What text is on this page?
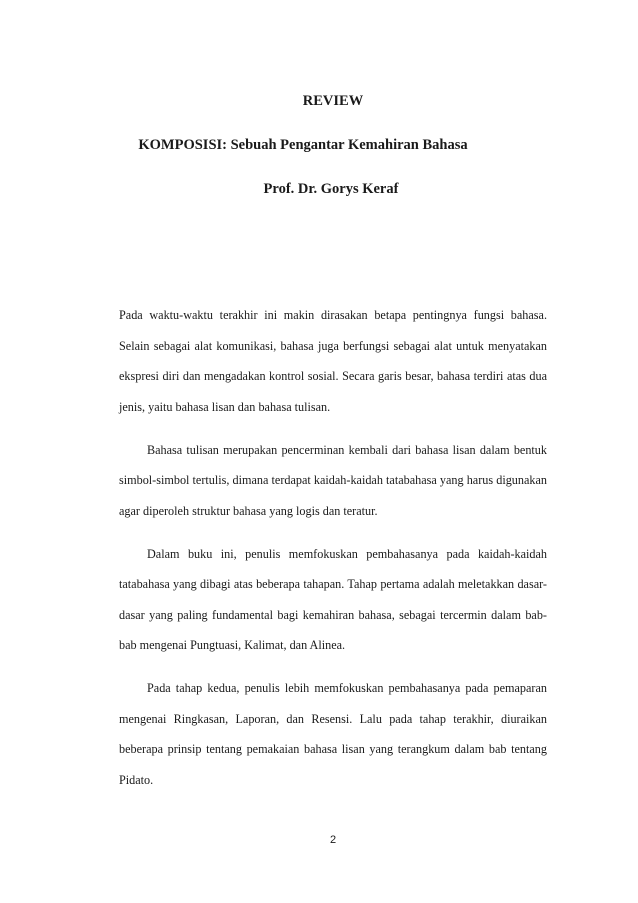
REVIEW

KOMPOSISI: Sebuah Pengantar Kemahiran Bahasa

Prof. Dr. Gorys Keraf

Pada waktu-waktu terakhir ini makin dirasakan betapa pentingnya fungsi bahasa. Selain sebagai alat komunikasi, bahasa juga berfungsi sebagai alat untuk menyatakan ekspresi diri dan mengadakan kontrol sosial. Secara garis besar, bahasa terdiri atas dua jenis, yaitu bahasa lisan dan bahasa tulisan.

Bahasa tulisan merupakan pencerminan kembali dari bahasa lisan dalam bentuk simbol-simbol tertulis, dimana terdapat kaidah-kaidah tatabahasa yang harus digunakan agar diperoleh struktur bahasa yang logis dan teratur.

Dalam buku ini, penulis memfokuskan pembahasanya pada kaidah-kaidah tatabahasa yang dibagi atas beberapa tahapan. Tahap pertama adalah meletakkan dasar-dasar yang paling fundamental bagi kemahiran bahasa, sebagai tercermin dalam bab-bab mengenai Pungtuasi, Kalimat, dan Alinea.

Pada tahap kedua, penulis lebih memfokuskan pembahasanya pada pemaparan mengenai Ringkasan, Laporan, dan Resensi. Lalu pada tahap terakhir, diuraikan beberapa prinsip tentang pemakaian bahasa lisan yang terangkum dalam bab tentang Pidato.

2
